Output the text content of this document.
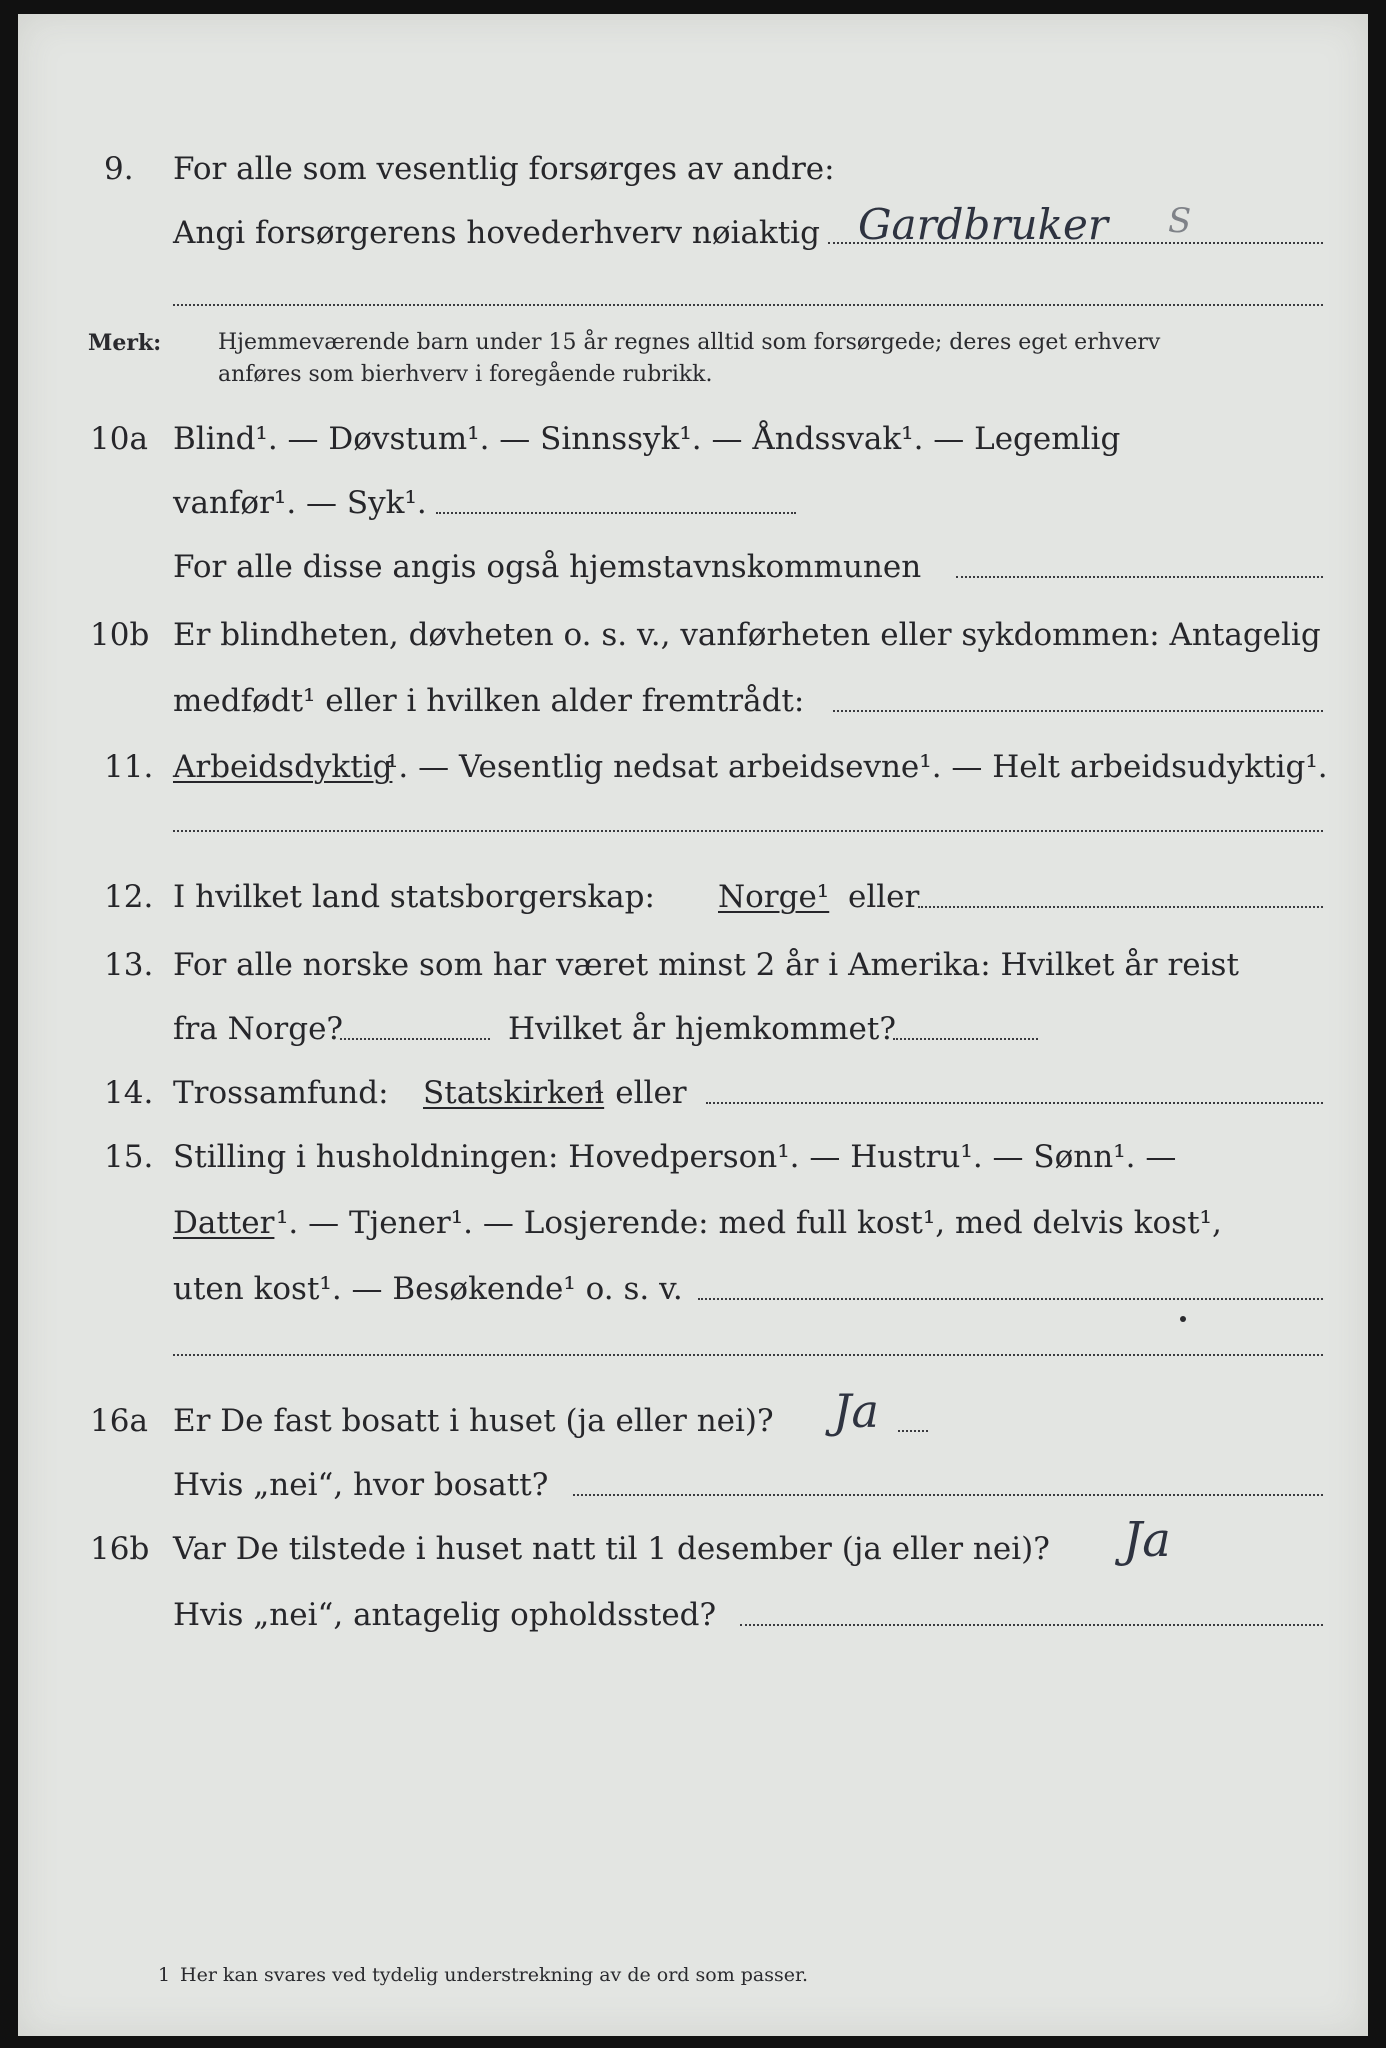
9. For alle som vesentlig forsørges av andre:
Angi forsørgerens hovederhverv nøiaktig Gardbruker S
Merk:	Hjemmeværende barn under 15 år regnes alltid som forsørgede; deres eget erhverv
anføres som bierhverv i foregående rubrikk.
10a Blind¹. — Døvstum¹. — Sinnssyk¹. — Åndssvak¹. — Legemlig
vanfør¹. — Syk¹.
For alle disse angis også hjemstavnskommunen
10b Er blindheten, døvheten o. s. v., vanførheten eller sykdommen: Antagelig
medfødt¹ eller i hvilken alder fremtrådt:
11. Arbeidsdyktig
¹. — Vesentlig nedsat arbeidsevne¹. — Helt arbeidsudyktig¹.
12. I hvilket land statsborgerskap: Norge¹ eller
13. For alle norske som har været minst 2 år i Amerika: Hvilket år reist
fra Norge?	Hvilket år hjemkommet?
14. Trossamfund: Statskirken
¹ eller
15. Stilling i husholdningen: Hovedperson¹. — Hustru¹. — Sønn¹. —
Datter ¹. — Tjener¹. — Losjerende: med full kost¹, med delvis kost¹,
uten kost¹. — Besøkende¹ o. s. v.
16a Er De fast bosatt i huset (ja eller nei)? Ja
Hvis „nei“, hvor bosatt?
16b Var De tilstede i huset natt til 1 desember (ja eller nei)? Ja
Hvis „nei“, antagelig opholdssted?
1 Her kan svares ved tydelig understrekning av de ord som passer.
